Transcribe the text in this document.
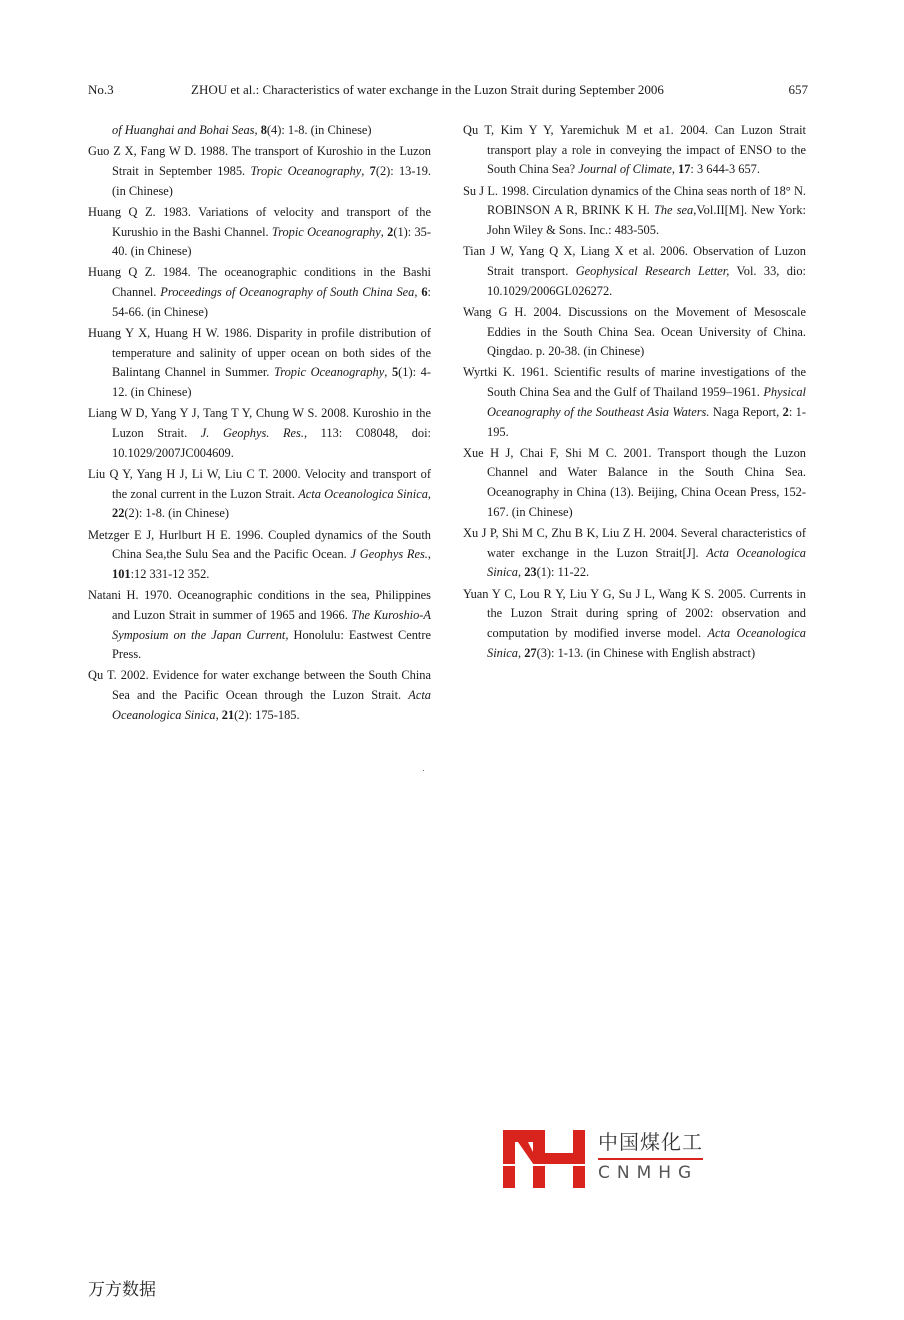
No.3	ZHOU et al.: Characteristics of water exchange in the Luzon Strait during September 2006	657

of Huanghai and Bohai Seas, 8(4): 1-8. (in Chinese)

Guo Z X, Fang W D. 1988. The transport of Kuroshio in the Luzon Strait in September 1985. Tropic Oceanography, 7(2): 13-19. (in Chinese)

Huang Q Z. 1983. Variations of velocity and transport of the Kurushio in the Bashi Channel. Tropic Oceanography, 2(1): 35-40. (in Chinese)

Huang Q Z. 1984. The oceanographic conditions in the Bashi Channel. Proceedings of Oceanography of South China Sea, 6: 54-66. (in Chinese)

Huang Y X, Huang H W. 1986. Disparity in profile distribution of temperature and salinity of upper ocean on both sides of the Balintang Channel in Summer. Tropic Oceanography, 5(1): 4-12. (in Chinese)

Liang W D, Yang Y J, Tang T Y, Chung W S. 2008. Kuroshio in the Luzon Strait. J. Geophys. Res., 113: C08048, doi: 10.1029/2007JC004609.

Liu Q Y, Yang H J, Li W, Liu C T. 2000. Velocity and transport of the zonal current in the Luzon Strait. Acta Oceanologica Sinica, 22(2): 1-8. (in Chinese)

Metzger E J, Hurlburt H E. 1996. Coupled dynamics of the South China Sea,the Sulu Sea and the Pacific Ocean. J Geophys Res., 101:12 331-12 352.

Natani H. 1970. Oceanographic conditions in the sea, Philippines and Luzon Strait in summer of 1965 and 1966. The Kuroshio-A Symposium on the Japan Current, Honolulu: Eastwest Centre Press.

Qu T. 2002. Evidence for water exchange between the South China Sea and the Pacific Ocean through the Luzon Strait. Acta Oceanologica Sinica, 21(2): 175-185.

Qu T, Kim Y Y, Yaremichuk M et a1. 2004. Can Luzon Strait transport play a role in conveying the impact of ENSO to the South China Sea? Journal of Climate, 17: 3 644-3 657.

Su J L. 1998. Circulation dynamics of the China seas north of 18° N. ROBINSON A R, BRINK K H. The sea,Vol.II[M]. New York: John Wiley & Sons. Inc.: 483-505.

Tian J W, Yang Q X, Liang X et al. 2006. Observation of Luzon Strait transport. Geophysical Research Letter, Vol. 33, dio: 10.1029/2006GL026272.

Wang G H. 2004. Discussions on the Movement of Mesoscale Eddies in the South China Sea. Ocean University of China. Qingdao. p. 20-38. (in Chinese)

Wyrtki K. 1961. Scientific results of marine investigations of the South China Sea and the Gulf of Thailand 1959–1961. Physical Oceanography of the Southeast Asia Waters. Naga Report, 2: 1-195.

Xue H J, Chai F, Shi M C. 2001. Transport though the Luzon Channel and Water Balance in the South China Sea. Oceanography in China (13). Beijing, China Ocean Press, 152-167. (in Chinese)

Xu J P, Shi M C, Zhu B K, Liu Z H. 2004. Several characteristics of water exchange in the Luzon Strait[J]. Acta Oceanologica Sinica, 23(1): 11-22.

Yuan Y C, Lou R Y, Liu Y G, Su J L, Wang K S. 2005. Currents in the Luzon Strait during spring of 2002: observation and computation by modified inverse model. Acta Oceanologica Sinica, 27(3): 1-13. (in Chinese with English abstract)

中国煤化工
CNMHG
万方数据
